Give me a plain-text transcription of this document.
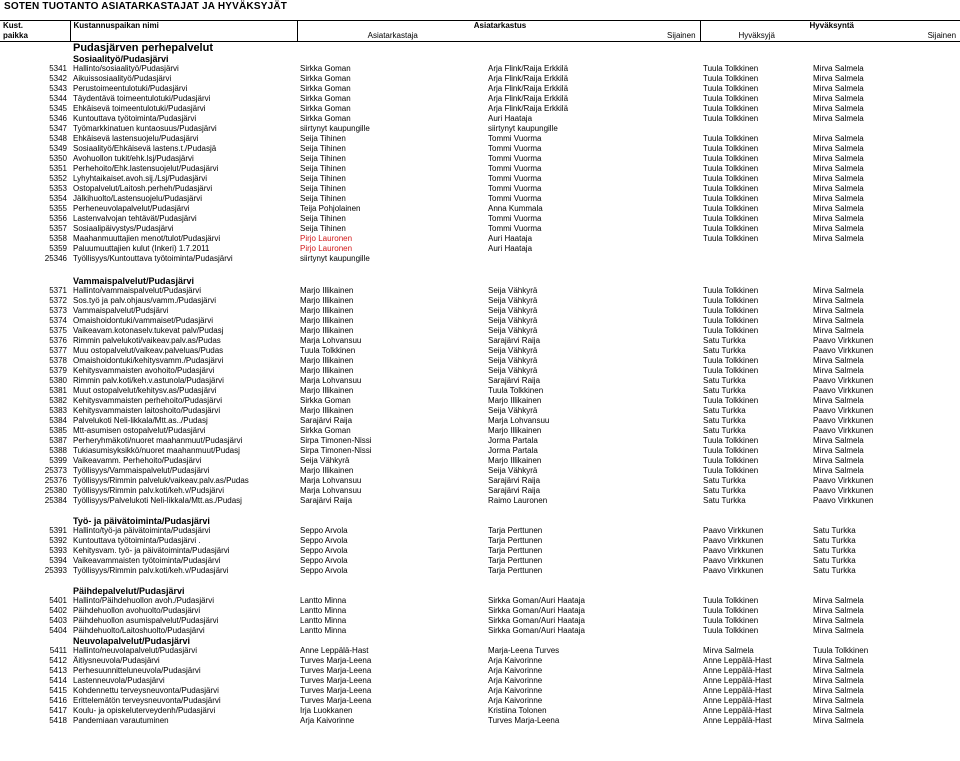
SOTEN TUOTANTO ASIATARKASTAJAT JA HYVÄKSYJÄT
Kust.	Kustannuspaikan nimi	Asiatarkastus		Hyväksyntä	
paikka		Asiatarkastaja	Sijainen	Hyväksyjä	Sijainen
	Pudasjärven perhepalvelut				
	Sosiaalityö/Pudasjärvi				
5341	Hallinto/sosiaalityö/Pudasjärvi	Sirkka Goman	Arja Flink/Raija Erkkilä	Tuula Tolkkinen	Mirva Salmela
5342	Aikuissosiaalityö/Pudasjärvi	Sirkka Goman	Arja Flink/Raija Erkkilä	Tuula Tolkkinen	Mirva Salmela
5343	Perustoimeentulotuki/Pudasjärvi	Sirkka Goman	Arja Flink/Raija Erkkilä	Tuula Tolkkinen	Mirva Salmela
5344	Täydentävä toimeentulotuki/Pudasjärvi	Sirkka Goman	Arja Flink/Raija Erkkilä	Tuula Tolkkinen	Mirva Salmela
5345	Ehkäisevä toimeentulotuki/Pudasjärvi	Sirkka Goman	Arja Flink/Raija Erkkilä	Tuula Tolkkinen	Mirva Salmela
5346	Kuntouttava työtoiminta/Pudasjärvi	Sirkka Goman	Auri Haataja	Tuula Tolkkinen	Mirva Salmela
5347	Työmarkkinatuen kuntaosuus/Pudasjärvi	siirtynyt kaupungille	siirtynyt kaupungille		
5348	Ehkäisevä lastensuojelu/Pudasjärvi	Seija Tihinen	Tommi Vuorma	Tuula Tolkkinen	Mirva Salmela
5349	Sosiaalityö/Ehkäisevä lastens.t./Pudasjä	Seija Tihinen	Tommi Vuorma	Tuula Tolkkinen	Mirva Salmela
5350	Avohuollon tukit/ehk.lsj/Pudasjärvi	Seija Tihinen	Tommi Vuorma	Tuula Tolkkinen	Mirva Salmela
5351	Perhehoito/Ehk.lastensuojelut/Pudasjärvi	Seija Tihinen	Tommi Vuorma	Tuula Tolkkinen	Mirva Salmela
5352	Lyhyhtaikaiset.avoh.sij./Lsj/Pudasjärvi	Seija Tihinen	Tommi Vuorma	Tuula Tolkkinen	Mirva Salmela
5353	Ostopalvelut/Laitosh.perheh/Pudasjärvi	Seija Tihinen	Tommi Vuorma	Tuula Tolkkinen	Mirva Salmela
5354	Jälkihuolto/Lastensuojelu/Pudasjärvi	Seija Tihinen	Tommi Vuorma	Tuula Tolkkinen	Mirva Salmela
5355	Perheneuvolapalvelut/Pudasjärvi	Teija Pohjolainen	Anna Kummala	Tuula Tolkkinen	Mirva Salmela
5356	Lastenvalvojan tehtävät/Pudasjärvi	Seija Tihinen	Tommi Vuorma	Tuula Tolkkinen	Mirva Salmela
5357	Sosiaalipäivystys/Pudasjärvi	Seija Tihinen	Tommi Vuorma	Tuula Tolkkinen	Mirva Salmela
5358	Maahanmuuttajien menot/tulot/Pudasjärvi	Pirjo Lauronen	Auri Haataja	Tuula Tolkkinen	Mirva Salmela
5359	Paluumuuttajien kulut (Inkeri) 1.7.2011	Pirjo Lauronen	Auri Haataja		
25346	Työllisyys/Kuntouttava työtoiminta/Pudasjärvi	siirtynyt kaupungille			

	Vammaispalvelut/Pudasjärvi				
5371	Hallinto/vammaispalvelut/Pudasjärvi	Marjo Illikainen	Seija Vähkyrä	Tuula Tolkkinen	Mirva Salmela
5372	Sos.työ ja palv.ohjaus/vamm./Pudasjärvi	Marjo Illikainen	Seija Vähkyrä	Tuula Tolkkinen	Mirva Salmela
5373	Vammaispalvelut/Pudsjärvi	Marjo Illikainen	Seija Vähkyrä	Tuula Tolkkinen	Mirva Salmela
5374	Omaishoidontuki/vammaiset/Pudasjärvi	Marjo Illikainen	Seija Vähkyrä	Tuula Tolkkinen	Mirva Salmela
5375	Vaikeavam.kotonaselv.tukevat palv/Pudasj	Marjo Illikainen	Seija Vähkyrä	Tuula Tolkkinen	Mirva Salmela
5376	Rimmin palvelukoti/vaikeav.palv.as/Pudas	Marja Lohvansuu	Sarajärvi Raija	Satu Turkka	Paavo Virkkunen
5377	Muu ostopalvelut/vaikeav.palveluas/Pudas	Tuula Tolkkinen	Seija Vähkyrä	Satu Turkka	Paavo Virkkunen
5378	Omaishoidontuki/kehitysvamm./Pudasjärvi	Marjo Illikainen	Seija Vähkyrä	Tuula Tolkkinen	Mirva Salmela
5379	Kehitysvammaisten avohoito/Pudasjärvi	Marjo Illikainen	Seija Vähkyrä	Tuula Tolkkinen	Mirva Salmela
5380	Rimmin palv.koti/keh.v.astunola/Pudasjärvi	Marja Lohvansuu	Sarajärvi Raija	Satu Turkka	Paavo Virkkunen
5381	Muut ostopalvelut/kehitysv.as/Pudasjärvi	Marjo Illikainen	Tuula Tolkkinen	Satu Turkka	Paavo Virkkunen
5382	Kehitysvammaisten perhehoito/Pudasjärvi	Sirkka Goman	Marjo Illikainen	Tuula Tolkkinen	Mirva Salmela
5383	Kehitysvammaisten laitoshoito/Pudasjärvi	Marjo Illikainen	Seija Vähkyrä	Satu Turkka	Paavo Virkkunen
5384	Palvelukoti Neli-likkala/Mtt.as../Pudasj	Sarajärvi Raija	Marja Lohvansuu	Satu Turkka	Paavo Virkkunen
5385	Mtt-asumisen ostopalvelut/Pudasjärvi	Sirkka Goman	Marjo Illikainen	Satu Turkka	Paavo Virkkunen
5387	Perheryhmäkoti/nuoret maahanmuut/Pudasjärvi	Sirpa Timonen-Nissi	Jorma Partala	Tuula Tolkkinen	Mirva Salmela
5388	Tukiasumisyksikkö/nuoret maahanmuut/Pudasj	Sirpa Timonen-Nissi	Jorma Partala	Tuula Tolkkinen	Mirva Salmela
5399	Vaikeavamm. Perhehoito/Pudasjärvi	Seija Vähkyrä	Marjo Illikainen	Tuula Tolkkinen	Mirva Salmela
25373	Työllisyys/Vammaispalvelut/Pudasjärvi	Marjo Illikainen	Seija Vähkyrä	Tuula Tolkkinen	Mirva Salmela
25376	Työllisyys/Rimmin palveluk/vaikeav.palv.as/Pudas	Marja Lohvansuu	Sarajärvi Raija	Satu Turkka	Paavo Virkkunen
25380	Työllisyys/Rimmin palv.koti/keh.v/Pudsjärvi	Marja Lohvansuu	Sarajärvi Raija	Satu Turkka	Paavo Virkkunen
25384	Työllisyys/Palvelukoti Neli-likkala/Mtt.as./Pudasj	Sarajärvi Raija	Raimo Lauronen	Satu Turkka	Paavo Virkkunen

	Työ- ja päivätoiminta/Pudasjärvi				
5391	Hallinto/työ-ja päivätoiminta/Pudasjärvi	Seppo Arvola	Tarja Perttunen	Paavo Virkkunen	Satu Turkka
5392	Kuntouttava työtoiminta/Pudasjärvi .	Seppo Arvola	Tarja Perttunen	Paavo Virkkunen	Satu Turkka
5393	Kehitysvam. työ- ja päivätoiminta/Pudasjärvi	Seppo Arvola	Tarja Perttunen	Paavo Virkkunen	Satu Turkka
5394	Vaikeavammaisten työtoiminta/Pudasjärvi	Seppo Arvola	Tarja Perttunen	Paavo Virkkunen	Satu Turkka
25393	Työllisyys/Rimmin palv.koti/keh.v/Pudasjärvi	Seppo Arvola	Tarja Perttunen	Paavo Virkkunen	Satu Turkka

	Päihdepalvelut/Pudasjärvi				
5401	Hallinto/Päihdehuollon avoh./Pudasjärvi	Lantto Minna	Sirkka Goman/Auri Haataja	Tuula Tolkkinen	Mirva Salmela
5402	Päihdehuollon avohuolto/Pudasjärvi	Lantto Minna	Sirkka Goman/Auri Haataja	Tuula Tolkkinen	Mirva Salmela
5403	Päihdehuollon asumispalvelut/Pudasjärvi	Lantto Minna	Sirkka Goman/Auri Haataja	Tuula Tolkkinen	Mirva Salmela
5404	Päihdehuolto/Laitoshuolto/Pudasjärvi	Lantto Minna	Sirkka Goman/Auri Haataja	Tuula Tolkkinen	Mirva Salmela
	Neuvolapalvelut/Pudasjärvi				
5411	Hallinto/neuvolapalvelut/Pudasjärvi	Anne Leppälä-Hast	Marja-Leena Turves	Mirva Salmela	Tuula Tolkkinen
5412	Äitiysneuvola/Pudasjärvi	Turves Marja-Leena	Arja Kaivorinne	Anne Leppälä-Hast	Mirva Salmela
5413	Perhesuunnitteluneuvola/Pudasjärvi	Turves Marja-Leena	Arja Kaivorinne	Anne Leppälä-Hast	Mirva Salmela
5414	Lastenneuvola/Pudasjärvi	Turves Marja-Leena	Arja Kaivorinne	Anne Leppälä-Hast	Mirva Salmela
5415	Kohdennettu terveysneuvonta/Pudasjärvi	Turves Marja-Leena	Arja Kaivorinne	Anne Leppälä-Hast	Mirva Salmela
5416	Erittelemätön terveysneuvonta/Pudasjärvi	Turves Marja-Leena	Arja Kaivorinne	Anne Leppälä-Hast	Mirva Salmela
5417	Koulu- ja opiskeluterveydenh/Pudasjärvi	Irja Luokkanen	Kristiina Tolonen	Anne Leppälä-Hast	Mirva Salmela
5418	Pandemiaan varautuminen	Arja Kaivorinne	Turves Marja-Leena	Anne Leppälä-Hast	Mirva Salmela
